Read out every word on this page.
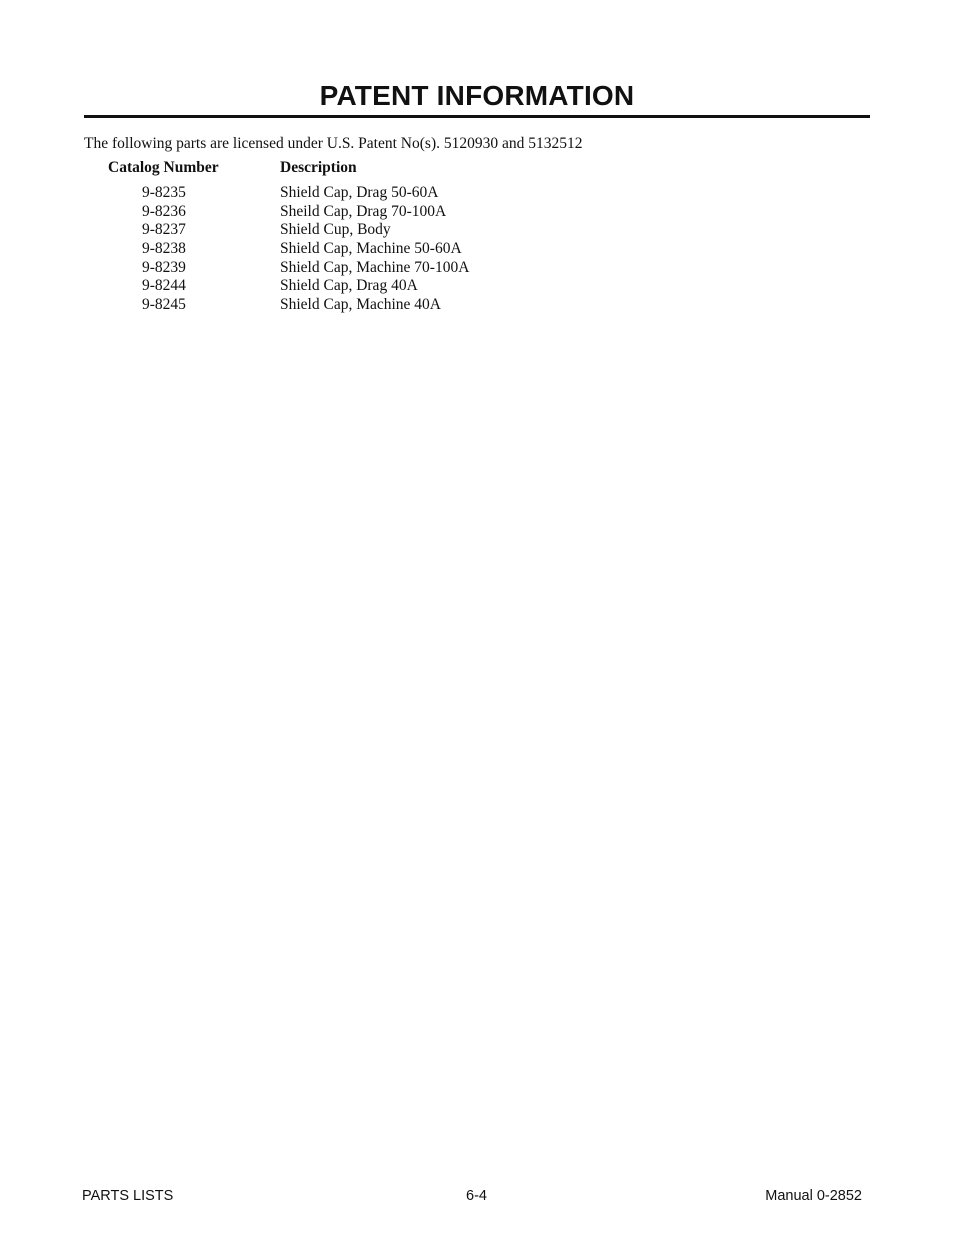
PATENT INFORMATION
The following parts are licensed under U.S. Patent No(s). 5120930 and 5132512
Catalog Number	Description
9-8235	Shield Cap, Drag 50-60A
9-8236	Sheild Cap, Drag 70-100A
9-8237	Shield Cup, Body
9-8238	Shield Cap, Machine 50-60A
9-8239	Shield Cap, Machine 70-100A
9-8244	Shield Cap, Drag 40A
9-8245	Shield Cap, Machine 40A
PARTS LISTS	6-4	Manual 0-2852
